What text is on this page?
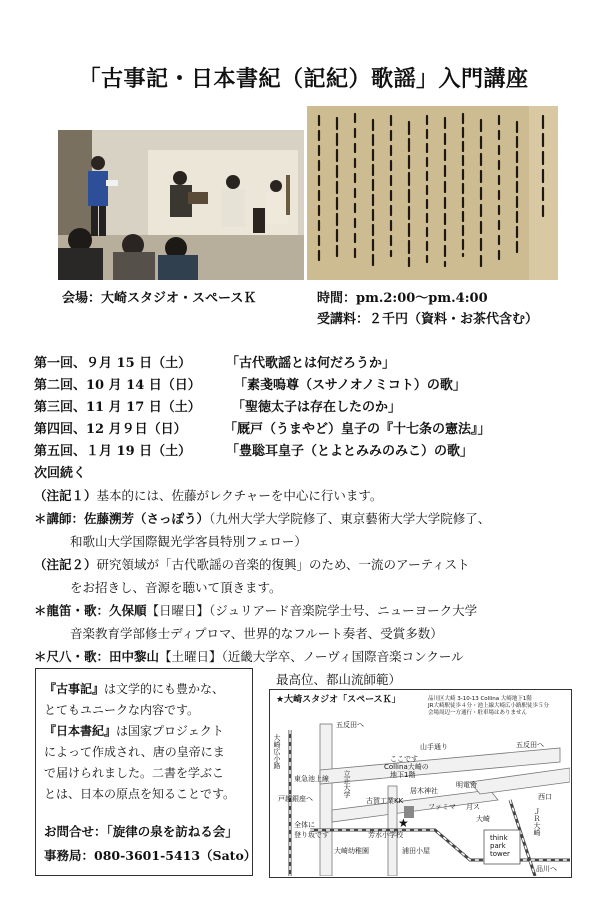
「古事記・日本書紀（記紀）歌謡」入門講座
会場：大崎スタジオ・スペースＫ	時間：pm.2:00～pm.4:00
受講料：２千円（資料・お茶代含む）
第一回、９月 15 日（土）	「古代歌謡とは何だろうか」
第二回、10 月 14 日（日）	「素戔嗚尊（スサノオノミコト）の歌」
第三回、11 月 17 日（土） 「聖徳太子は存在したのか」
第四回、12 月９日（日）	「厩戸（うまやど）皇子の『十七条の憲法』」
第五回、１月 19 日（土）	「豊聡耳皇子（とよとみみのみこ）の歌」
次回続く
（注記１）基本的には、佐藤がレクチャーを中心に行います。
＊講師：佐藤溯芳（さっぽう）（九州大学大学院修了、東京藝術大学大学院修了、
和歌山大学国際観光学客員特別フェロー）
（注記２）研究領域が「古代歌謡の音楽的復興」のため、一流のアーティスト
をお招きし、音源を聴いて頂きます。
＊龍笛・歌：久保順【日曜日】（ジュリアード音楽院学士号、ニューヨーク大学
音楽教育学部修士ディプロマ、世界的なフルート奏者、受賞多数）
＊尺八・歌：田中黎山【土曜日】（近畿大学卒、ノーヴィ国際音楽コンクール
最高位、都山流師範）
『古事記』は文学的にも豊かな、
とてもユニークな内容です。
『日本書紀』は国家プロジェクト
によって作成され、唐の皇帝にま
で届けられました。二書を学ぶこ
とは、日本の原点を知ることです。
お問合せ：「旋律の泉を訪ねる会」
事務局：080-3601-5413（Sato）
★
★大崎スタジオ「スペースＫ」	品川区大崎 3-10-13 Collina 大崎地下1階
JR大崎駅徒歩４分・池上線大崎広小路駅徒歩５分
会場周辺一方通行・駐車場はありません
五反田へ
大崎広小路	山手通り	五反田へ
ここです
Collina大崎の
地下1階
東急池上線 立正大学
戸越銀座へ
居木神社
明電舎
古賀工業KK
ファミマ 月ス
大崎
西口
ＪＲ大崎
全体に
登り坂です	芳水小学校
浦田小屋
大崎幼稚園
think
park
tower
品川へ
